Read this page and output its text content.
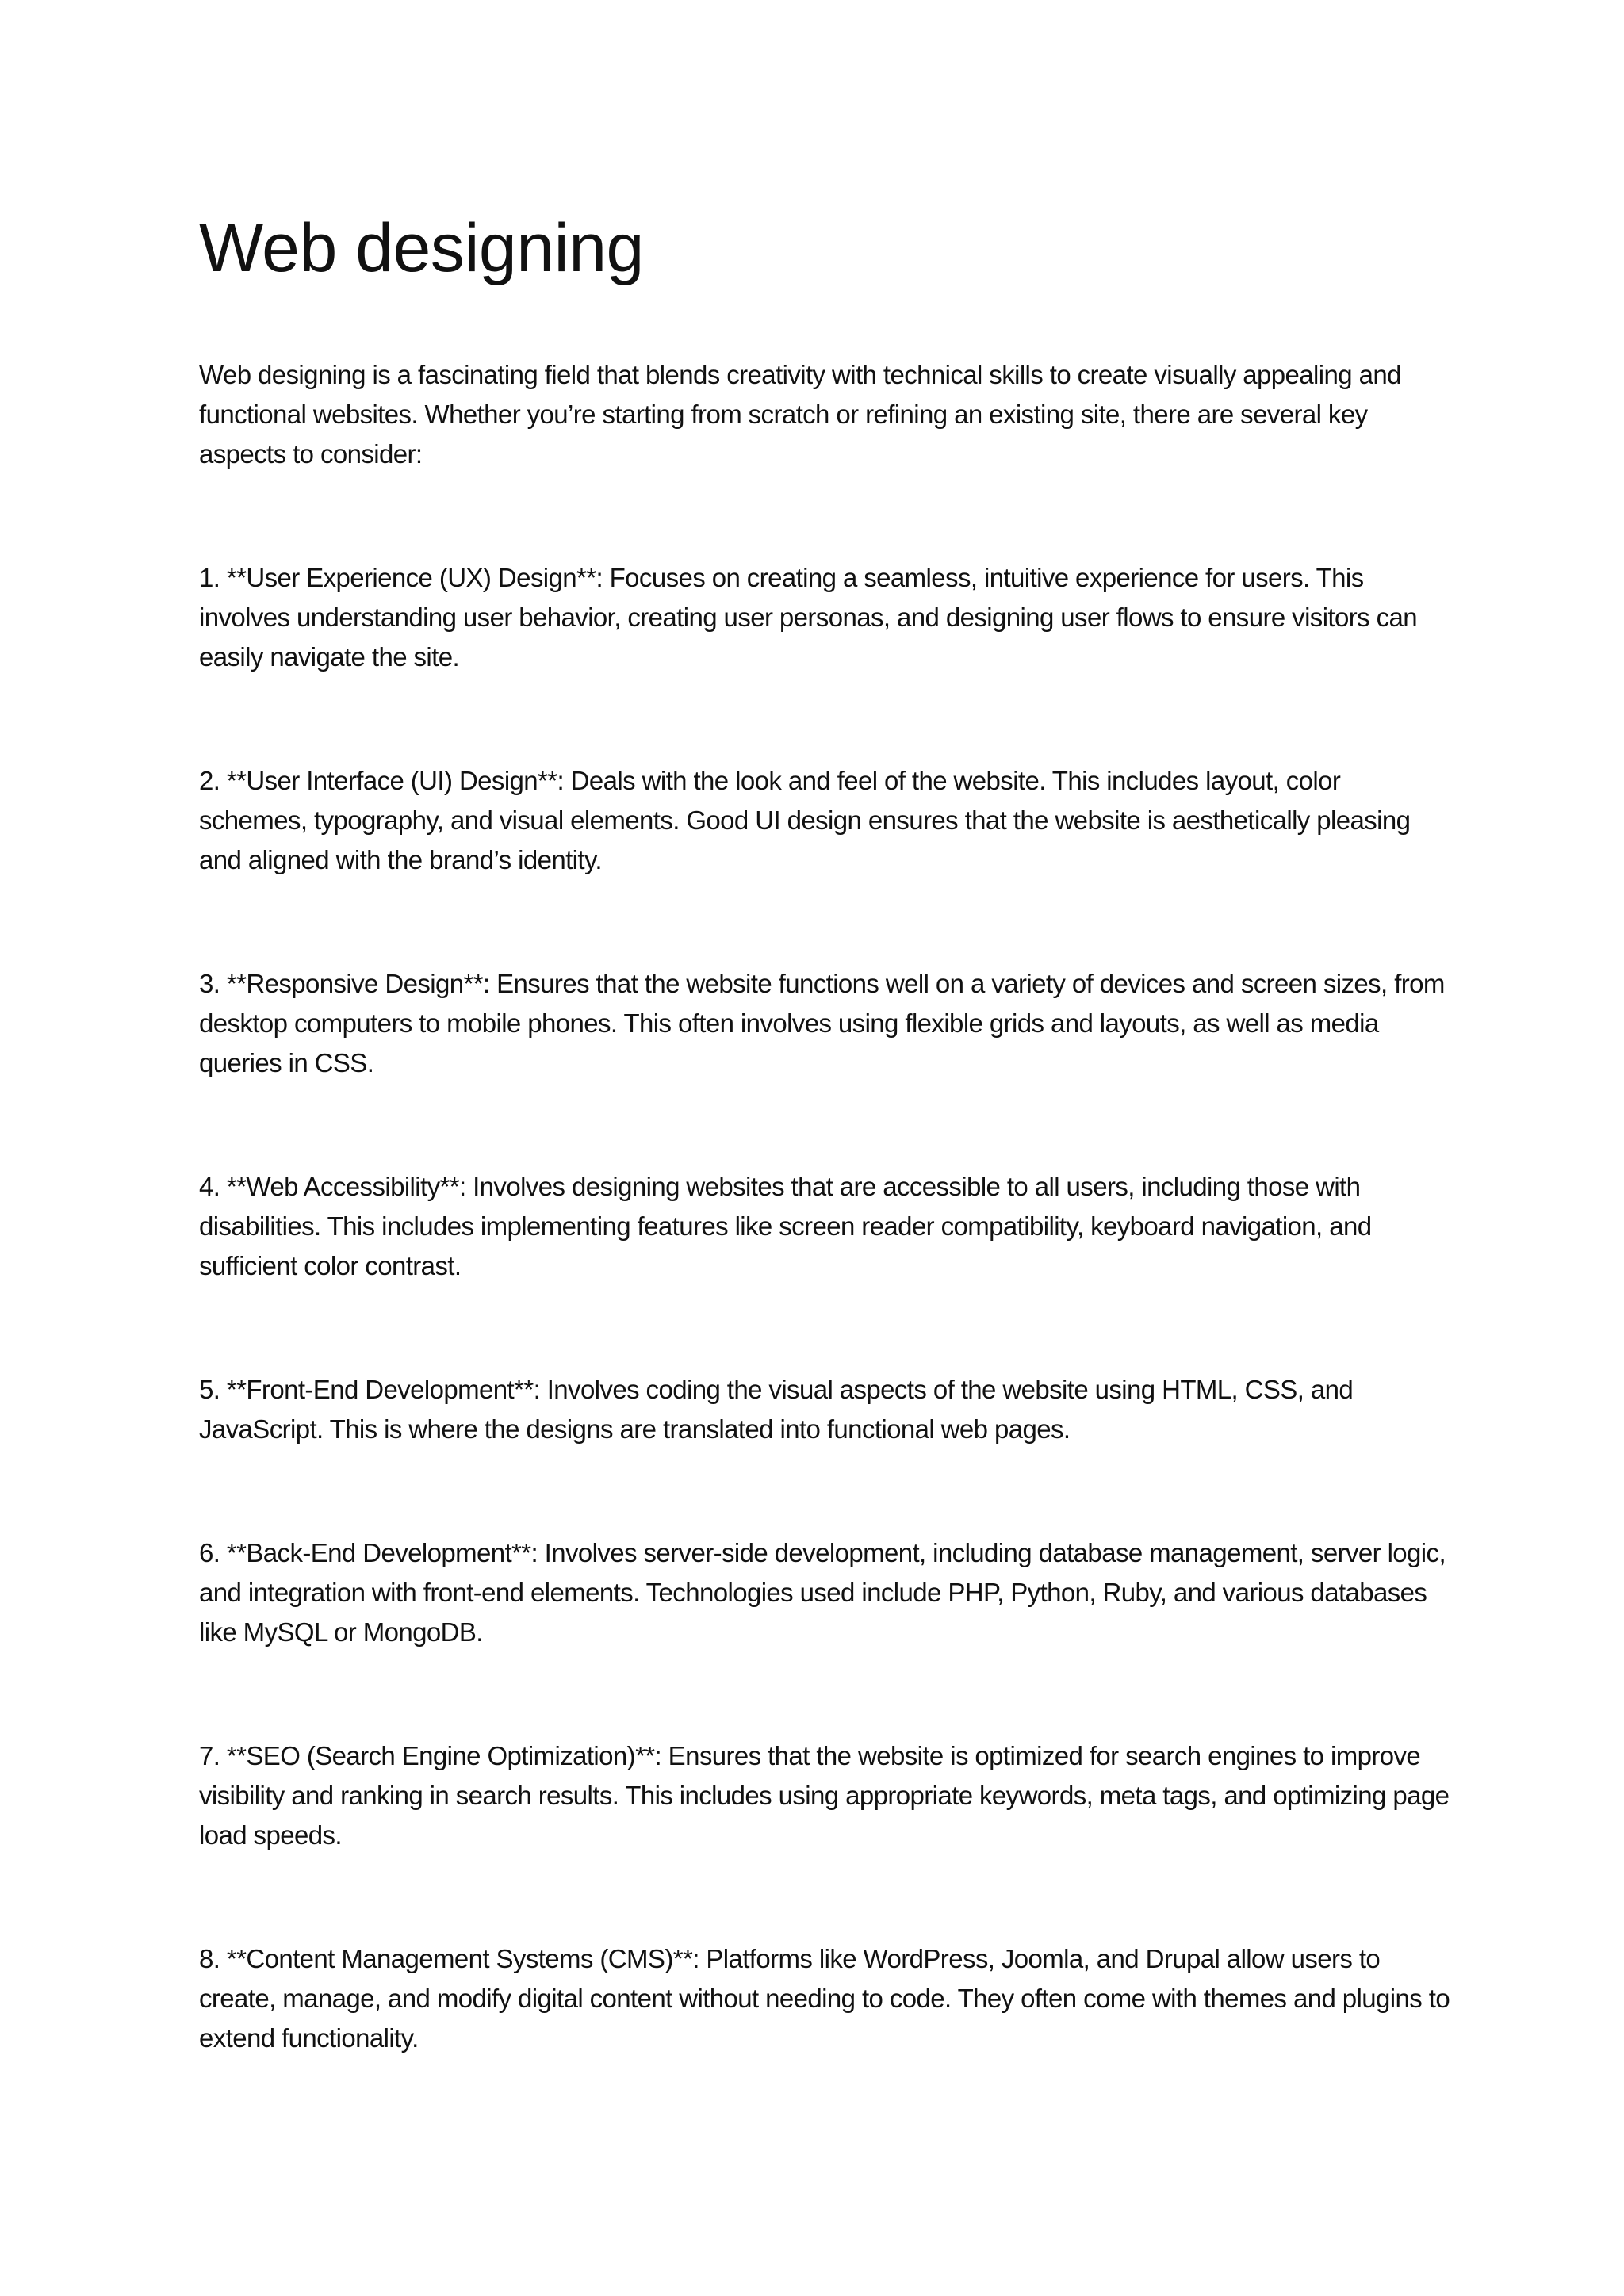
Web designing

Web designing is a fascinating field that blends creativity with technical skills to create visually appealing and functional websites. Whether you’re starting from scratch or refining an existing site, there are several key aspects to consider:

1. **User Experience (UX) Design**: Focuses on creating a seamless, intuitive experience for users. This involves understanding user behavior, creating user personas, and designing user flows to ensure visitors can easily navigate the site.
2. **User Interface (UI) Design**: Deals with the look and feel of the website. This includes layout, color schemes, typography, and visual elements. Good UI design ensures that the website is aesthetically pleasing and aligned with the brand’s identity.
3. **Responsive Design**: Ensures that the website functions well on a variety of devices and screen sizes, from desktop computers to mobile phones. This often involves using flexible grids and layouts, as well as media queries in CSS.
4. **Web Accessibility**: Involves designing websites that are accessible to all users, including those with disabilities. This includes implementing features like screen reader compatibility, keyboard navigation, and sufficient color contrast.
5. **Front-End Development**: Involves coding the visual aspects of the website using HTML, CSS, and JavaScript. This is where the designs are translated into functional web pages.
6. **Back-End Development**: Involves server-side development, including database management, server logic, and integration with front-end elements. Technologies used include PHP, Python, Ruby, and various databases like MySQL or MongoDB.
7. **SEO (Search Engine Optimization)**: Ensures that the website is optimized for search engines to improve visibility and ranking in search results. This includes using appropriate keywords, meta tags, and optimizing page load speeds.
8. **Content Management Systems (CMS)**: Platforms like WordPress, Joomla, and Drupal allow users to create, manage, and modify digital content without needing to code. They often come with themes and plugins to extend functionality.
